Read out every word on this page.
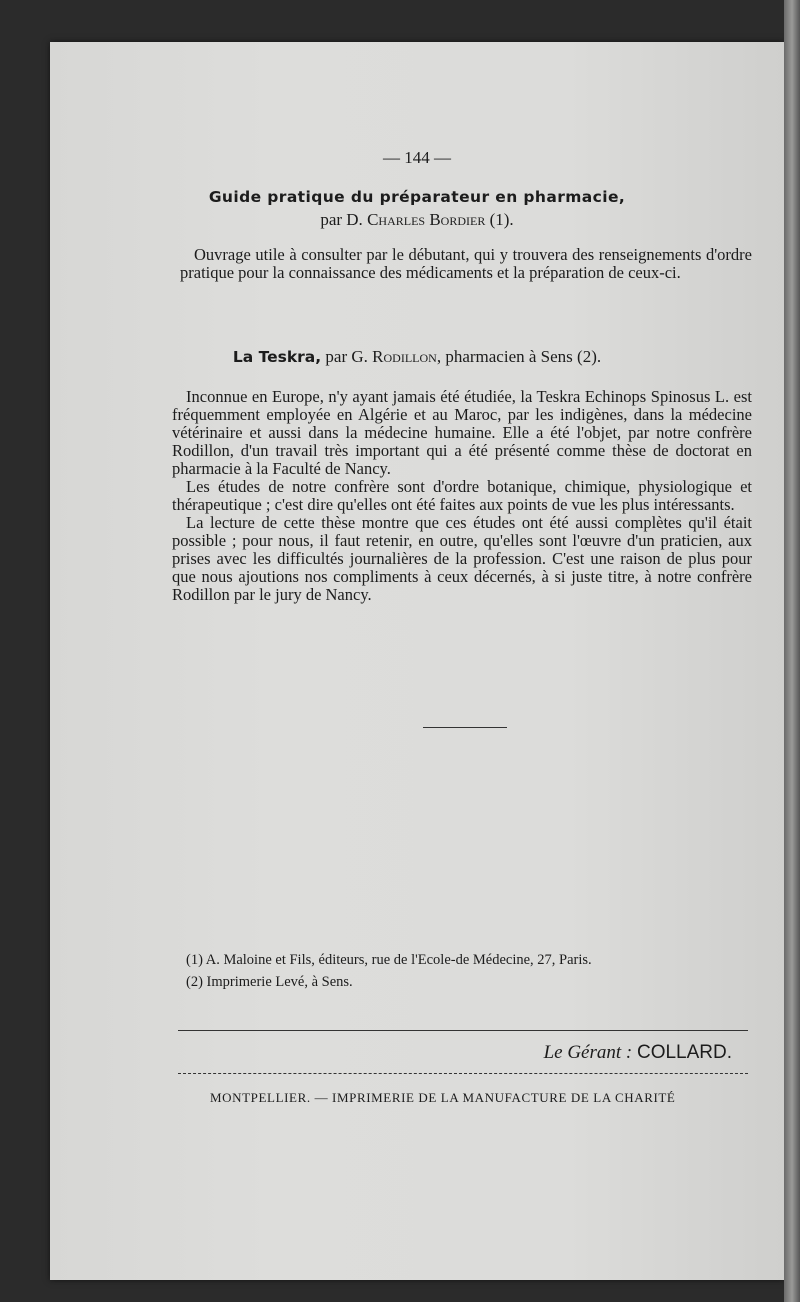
— 144 —
Guide pratique du préparateur en pharmacie,
par D. Charles Bordier (1).
Ouvrage utile à consulter par le débutant, qui y trouvera des renseignements d'ordre pratique pour la connaissance des médicaments et la préparation de ceux-ci.
La Teskra, par G. Rodillon, pharmacien à Sens (2).
Inconnue en Europe, n'y ayant jamais été étudiée, la Teskra Echinops Spinosus L. est fréquemment employée en Algérie et au Maroc, par les indigènes, dans la médecine vétérinaire et aussi dans la médecine humaine. Elle a été l'objet, par notre confrère Rodillon, d'un travail très important qui a été présenté comme thèse de doctorat en pharmacie à la Faculté de Nancy.
Les études de notre confrère sont d'ordre botanique, chimique, physiologique et thérapeutique ; c'est dire qu'elles ont été faites aux points de vue les plus intéressants.
La lecture de cette thèse montre que ces études ont été aussi complètes qu'il était possible ; pour nous, il faut retenir, en outre, qu'elles sont l'œuvre d'un praticien, aux prises avec les difficultés journalières de la profession. C'est une raison de plus pour que nous ajoutions nos compliments à ceux décernés, à si juste titre, à notre confrère Rodillon par le jury de Nancy.
(1) A. Maloine et Fils, éditeurs, rue de l'Ecole-de Médecine, 27, Paris.
(2) Imprimerie Levé, à Sens.
Le Gérant : COLLARD.
MONTPELLIER. — IMPRIMERIE DE LA MANUFACTURE DE LA CHARITÉ
